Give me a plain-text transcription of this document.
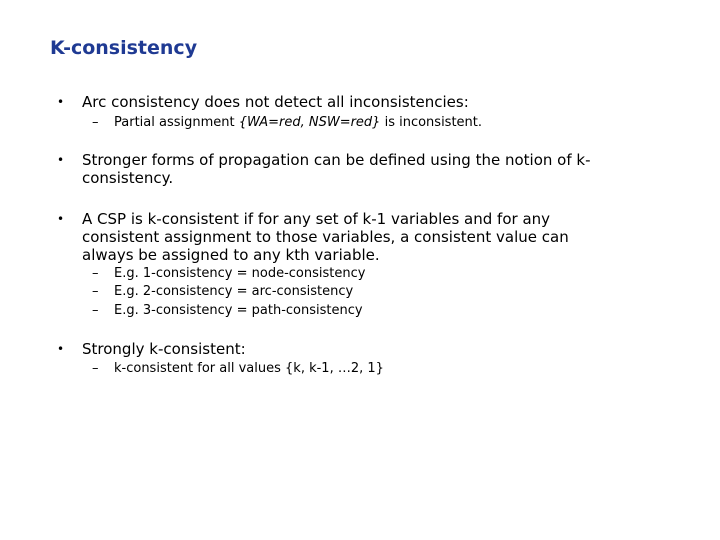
K-consistency
• Arc consistency does not detect all inconsistencies:
– Partial assignment {WA=red, NSW=red} is inconsistent.
• Stronger forms of propagation can be defined using the notion of k-consistency.
• A CSP is k-consistent if for any set of k-1 variables and for any consistent assignment to those variables, a consistent value can always be assigned to any kth variable.
– E.g. 1-consistency = node-consistency
– E.g. 2-consistency = arc-consistency
– E.g. 3-consistency = path-consistency
• Strongly k-consistent:
– k-consistent for all values {k, k-1, …2, 1}
